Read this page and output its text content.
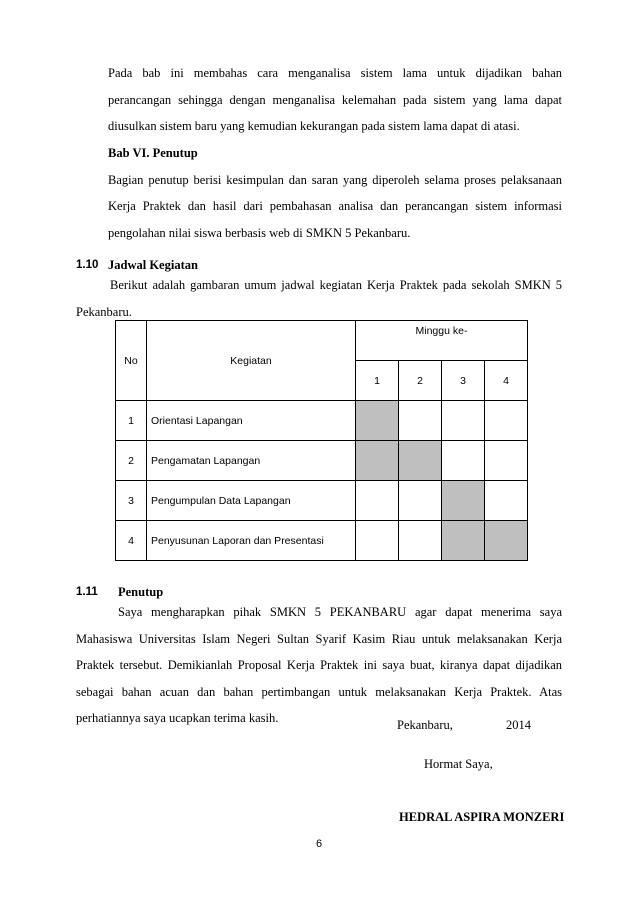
Pada bab ini membahas cara menganalisa sistem lama untuk dijadikan bahan
perancangan sehingga dengan menganalisa kelemahan pada sistem yang lama dapat
diusulkan sistem baru yang kemudian kekurangan pada sistem lama dapat di atasi.
Bab VI. Penutup
Bagian penutup berisi kesimpulan dan saran yang diperoleh selama proses pelaksanaan
Kerja Praktek dan hasil dari pembahasan analisa dan perancangan sistem informasi
pengolahan nilai siswa berbasis web di SMKN 5 Pekanbaru.
1.10 Jadwal Kegiatan
Berikut adalah gambaran umum jadwal kegiatan Kerja Praktek pada sekolah SMKN 5
Pekanbaru.
No	Kegiatan	Minggu ke-			
		1	2	3	4
1	Orientasi Lapangan				
2	Pengamatan Lapangan				
3	Pengumpulan Data Lapangan				
4	Penyusunan Laporan dan Presentasi				
1.11 Penutup
Saya mengharapkan pihak SMKN 5 PEKANBARU agar dapat menerima saya
Mahasiswa Universitas Islam Negeri Sultan Syarif Kasim Riau untuk melaksanakan Kerja
Praktek tersebut. Demikianlah Proposal Kerja Praktek ini saya buat, kiranya dapat dijadikan
sebagai bahan acuan dan bahan pertimbangan untuk melaksanakan Kerja Praktek. Atas
perhatiannya saya ucapkan terima kasih.	Pekanbaru,	2014
Hormat Saya,
HEDRAL ASPIRA MONZERI
6
